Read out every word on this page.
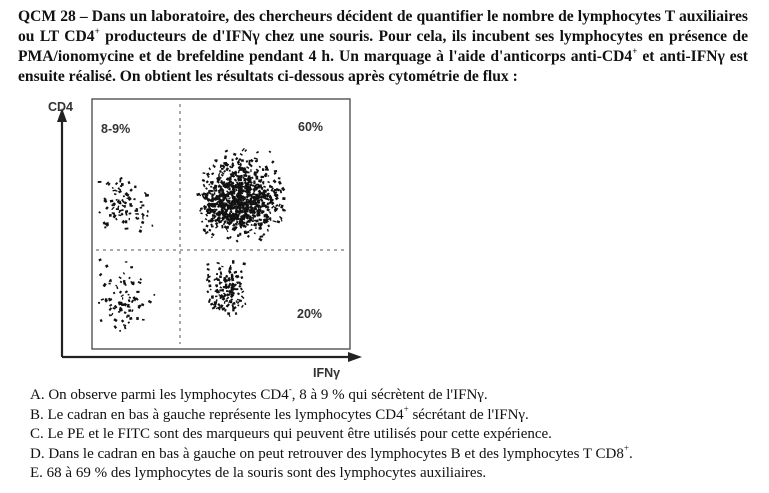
QCM 28 – Dans un laboratoire, des chercheurs décident de quantifier le nombre de lymphocytes T auxiliaires ou LT CD4+ producteurs de d'IFNγ chez une souris. Pour cela, ils incubent ses lymphocytes en présence de PMA/ionomycine et de brefeldine pendant 4 h. Un marquage à l'aide d'anticorps anti-CD4+ et anti-IFNγ est ensuite réalisé. On obtient les résultats ci-dessous après cytométrie de flux :
CD4
8-9%	60%
20%
IFNγ
A. On observe parmi les lymphocytes CD4-, 8 à 9 % qui sécrètent de l'IFNγ.
B. Le cadran en bas à gauche représente les lymphocytes CD4+ sécrétant de l'IFNγ.
C. Le PE et le FITC sont des marqueurs qui peuvent être utilisés pour cette expérience.
D. Dans le cadran en bas à gauche on peut retrouver des lymphocytes B et des lymphocytes T CD8+.
E. 68 à 69 % des lymphocytes de la souris sont des lymphocytes auxiliaires.
